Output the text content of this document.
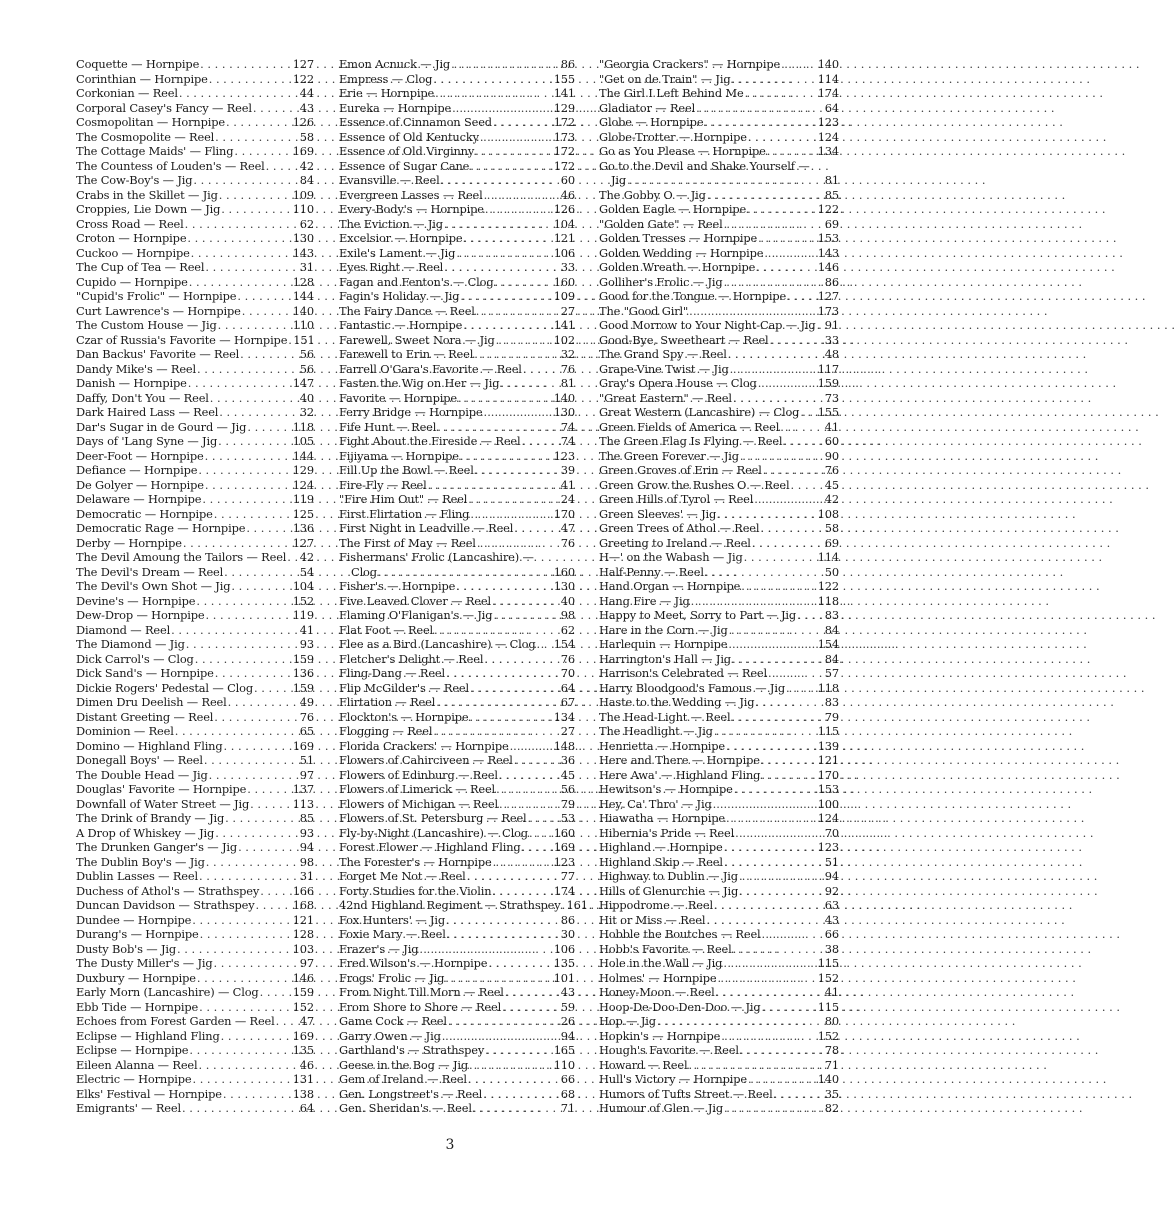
Coquette — Hornpipe . . .	127
Corinthian — Hornpipe . . .	122
Corkonian — Reel . . .	44
Corporal Casey's Fancy — Reel . . .	43
Cosmopolitan — Hornpipe . . .	126
The Cosmopolite — Reel . . .	58
The Cottage Maids' — Fling . . .	169
The Countess of Louden's — Reel . . .	42
The Cow-Boy's — Jig . . .	84
Crabs in the Skillet — Jig . . .	109
Croppies, Lie Down — Jig . . .	110
Cross Road — Reel . . .	62
Croton — Hornpipe . . .	130
Cuckoo — Hornpipe . . .	143
The Cup of Tea — Reel . . .	31
Cupido — Hornpipe . . .	128
"Cupid's Frolic" — Hornpipe . . .	144
Curt Lawrence's — Hornpipe . . .	140
The Custom House — Jig . . .	110
Czar of Russia's Favorite — Hornpipe . . . 151
Dan Backus' Favorite — Reel . . .	56
Dandy Mike's — Reel . . .	56
Danish — Hornpipe . . .	147
Daffy, Don't You — Reel . . .	40
Dark Haired Lass — Reel . . .	32
Dar's Sugar in de Gourd — Jig . . .	118
Days of 'Lang Syne — Jig . . .	105
Deer-Foot — Hornpipe . . .	144
Defiance — Hornpipe . . .	129
De Golyer — Hornpipe . . .	124
Delaware — Hornpipe . . .	119
Democratic — Hornpipe . . .	125
Democratic Rage — Hornpipe . . .	136
Derby — Hornpipe . . .	127
The Devil Amoung the Tailors — Reel . . . 42
The Devil's Dream — Reel . . .	54
The Devil's Own Shot — Jig . . .	104
Devine's — Hornpipe . . .	152
Dew-Drop — Hornpipe . . .	119
Diamond — Reel . . .	41
The Diamond — Jig . . .	93
Dick Carrol's — Clog . . .	159
Dick Sand's — Hornpipe . . .	136
Dickie Rogers' Pedestal — Clog . . .	159
Dimen Dru Deelish — Reel . . .	49
Distant Greeting — Reel . . .	76
Dominion — Reel . . .	65
Domino — Highland Fling . . .	169
Donegall Boys' — Reel . . .	51
The Double Head — Jig . . .	97
Douglas' Favorite — Hornpipe . . .	137
Downfall of Water Street — Jig . . .	113
The Drink of Brandy — Jig . . .	85
A Drop of Whiskey — Jig . . .	93
The Drunken Ganger's — Jig . . .	94
The Dublin Boy's — Jig . . .	98
Dublin Lasses — Reel . . .	31
Duchess of Athol's — Strathspey . . .	166
Duncan Davidson — Strathspey . . .	168
Dundee — Hornpipe . . .	121
Durang's — Hornpipe . . .	128
Dusty Bob's — Jig . . .	103
The Dusty Miller's — Jig . . .	97
Duxbury — Hornpipe . . .	146
Early Morn (Lancashire) — Clog . . .	159
Ebb Tide — Hornpipe . . .	152
Echoes from Forest Garden — Reel . . . 47
Eclipse — Highland Fling . . .	169
Eclipse — Hornpipe . . .	135
Eileen Alanna — Reel . . .	46
Electric — Hornpipe . . .	131
Elks' Festival — Hornpipe . . .	138
Emigrants' — Reel . . .	64
Emon Acnuck — Jig . . .	86
Empress — Clog . . .	155
Erie — Hornpipe . . .	141
Eureka — Hornpipe . . .	129
Essence of Cinnamon Seed . . .	172
Essence of Old Kentucky . . .	173
Essence of Old Virginny . . .	172
Essence of Sugar Cane . . .	172
Evansville — Reel . . .	60
Evergreen Lasses — Reel . . .	46
Every-Body's — Hornpipe . . .	126
The Eviction — Jig . . .	104
Excelsior — Hornpipe . . .	121
Exile's Lament — Jig . . .	106
Eyes Right — Reel . . .	33
Fagan and Fenton's — Clog . . .	160
Fagin's Holiday — Jig . . .	109
The Fairy Dance — Reel . . .	27
Fantastic — Hornpipe . . .	141
Farewell, Sweet Nora — Jig . . .	102
Farewell to Erin — Reel . . .	32
Farrell O'Gara's Favorite — Reel . . .	76
Fasten the Wig on Her — Jig . . .	81
Favorite — Hornpipe . . .	140
Ferry Bridge — Hornpipe . . .	130
Fife Hunt — Reel . . .	74
Fight About the Fireside — Reel . . .	74
Fijiyama — Hornpipe . . .	123
Fill Up the Bowl — Reel . . .	39
Fire-Fly — Reel . . .	41
"Fire Him Out" — Reel . . .	24
First Flirtation — Fling . . .	170
First Night in Leadville — Reel . . .	47
The First of May — Reel . . .	76
Fishermans' Frolic (Lancashire) —
Clog . . .	160
Fisher's — Hornpipe . . .	130
Five Leaved Clover — Reel . . .	40
Flaming O'Flanigan's — Jig . . .	98
Flat Foot — Reel . . .	62
Flee as a Bird (Lancashire) — Clog . . . 154
Fletcher's Delight — Reel . . .	76
Fling-Dang — Reel . . .	70
Flip McGilder's — Reel . . .	64
Flirtation — Reel . . .	67
Flockton's — Hornpipe . . .	134
Flogging — Reel . . .	27
Florida Crackers' — Hornpipe . . .	148
Flowers of Cahirciveen — Reel . . .	36
Flowers of Edinburg — Reel . . .	45
Flowers of Limerick — Reel . . .	56
Flowers of Michigan — Reel . . .	79
Flowers of St. Petersburg — Reel . . .	53
Fly-by-Night (Lancashire) — Clog . . . 160
Forest Flower — Highland Fling . . .	169
The Forester's — Hornpipe . . .	123
Forget Me Not — Reel . . .	77
Forty Studies for the Violin . . .	174
42nd Highland Regiment — Strathspey . . . 161
Fox Hunters' — Jig . . .	86
Foxie Mary — Reel . . .	30
Frazer's — Jig . . .	106
Fred Wilson's — Hornpipe . . .	135
Frogs' Frolic — Jig . . .	101
From Night Till Morn — Reel . . .	43
From Shore to Shore — Reel . . .	59
Game Cock — Reel . . .	26
Garry Owen — Jig . . .	94
Garthland's — Strathspey . . .	165
Geese in the Bog — Jig . . .	110
Gem of Ireland — Reel . . .	66
Gen. Longstreet's — Reel . . .	68
Gen. Sheridan's — Reel . . .	71
"Georgia Crackers" — Hornpipe . . .	140
"Get on de Train" — Jig . . .	114
The Girl I Left Behind Me . . .	174
Gladiator — Reel . . .	64
Globe — Hornpipe . . .	123
Globe-Trotter — Hornpipe . . .	124
Go as You Please — Hornpipe . . .	134
Go to the Devil and Shake Yourself —
Jig . . .	81
The Gobby O — Jig . . .	85
Golden Eagle — Hornpipe . . .	122
"Golden Gate" — Reel . . .	69
Golden Tresses — Hornpipe . . .	153
Golden Wedding — Hornpipe . . .	143
Golden Wreath — Hornpipe . . .	146
Golliher's Frolic — Jig . . .	86
Good for the Tongue — Hornpipe . . .	127
The "Good Girl" . . .	173
Good Morrow to Your Night-Cap — Jig . . . 91
Good-Bye, Sweetheart — Reel . . .	33
The Grand Spy — Reel . . .	48
Grape-Vine Twist — Jig . . .	117
Gray's Opera House — Clog . . .	159
"Great Eastern" — Reel . . .	73
Great Western (Lancashire) — Clog . . . 155
Green Fields of America — Reel . . .	41
The Green Flag Is Flying — Reel . . .	60
The Green Forever — Jig . . .	90
Green Groves of Erin — Reel . . .	76
Green Grow the Rushes O — Reel . . .	45
Green Hills of Tyrol — Reel . . .	42
Green Sleeves' — Jig . . .	108
Green Trees of Athol — Reel . . .	58
Greeting to Ireland — Reel . . .	69
H—' on the Wabash — Jig . . .	114
Half-Penny — Reel . . .	50
Hand Organ — Hornpipe . . .	122
Hang Fire — Jig . . .	118
Happy to Meet, Sorry to Part — Jig . . .	83
Hare in the Corn — Jig . . .	84
Harlequin — Hornpipe . . .	154
Harrington's Hall — Jig . . .	84
Harrison's Celebrated — Reel . . .	57
Harry Bloodgood's Famous — Jig . . .	118
Haste to the Wedding — Jig . . .	83
The Head-Light — Reel . . .	79
The Headlight — Jig . . .	115
Henrietta — Hornpipe . . .	139
Here and There — Hornpipe . . .	121
Here Awa' — Highland Fling . . .	170
Hewitson's — Hornpipe . . .	153
Hey, Ca' Thro' — Jig . . .	100
Hiawatha — Hornpipe . . .	124
Hibernia's Pride — Reel . . .	70
Highland — Hornpipe . . .	123
Highland Skip — Reel . . .	51
Highway to Dublin — Jig . . .	94
Hills of Glenurchie — Jig . . .	92
Hippodrome — Reel . . .	63
Hit or Miss — Reel . . .	43
Hobble the Boutches — Reel . . .	66
Hobb's Favorite — Reel . . .	38
Hole in the Wall — Jig . . .	115
Holmes' — Hornpipe . . .	152
Honey-Moon — Reel . . .	41
Hoop-De-Doo-Den-Doo — Jig . . .	115
Hop — Jig . . .	80
Hopkin's — Hornpipe . . .	152
Hough's Favorite — Reel . . .	78
Howard — Reel . . .	71
Hull's Victory — Hornpipe . . .	140
Humors of Tufts Street — Reel . . .	35
Humour of Glen — Jig . . .	82
3
